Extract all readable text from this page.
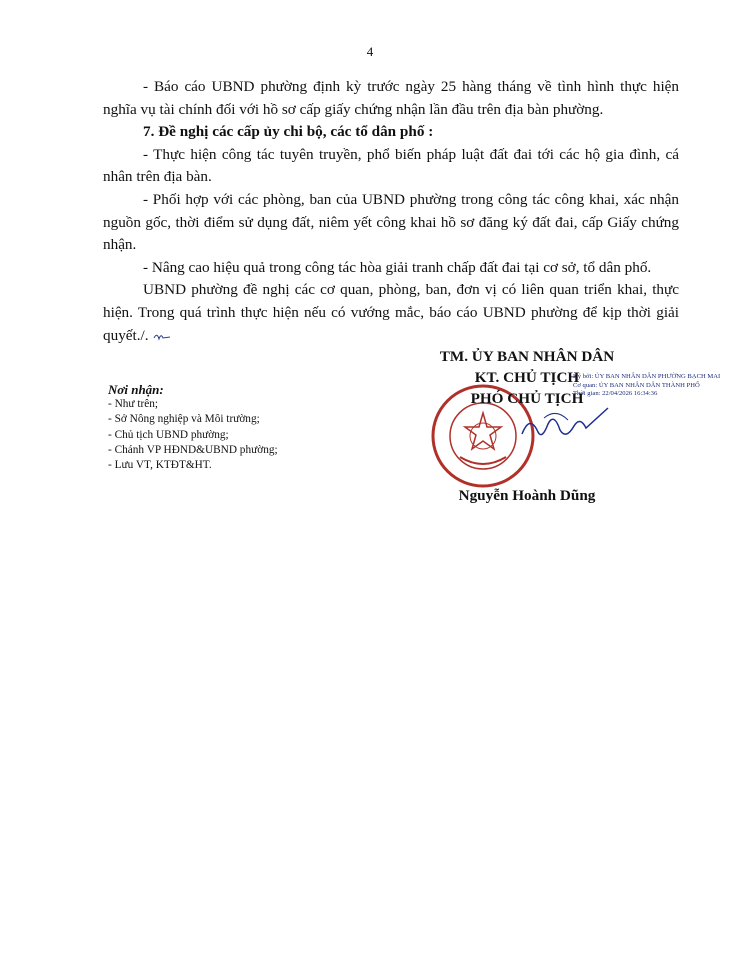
4

- Báo cáo UBND phường định kỳ trước ngày 25 hàng tháng về tình hình thực hiện nghĩa vụ tài chính đối với hồ sơ cấp giấy chứng nhận lần đầu trên địa bàn phường.

7. Đề nghị các cấp ủy chi bộ, các tổ dân phố :

- Thực hiện công tác tuyên truyền, phổ biến pháp luật đất đai tới các hộ gia đình, cá nhân trên địa bàn.

- Phối hợp với các phòng, ban của UBND phường trong công tác công khai, xác nhận nguồn gốc, thời điểm sử dụng đất, niêm yết công khai hồ sơ đăng ký đất đai, cấp Giấy chứng nhận.

- Nâng cao hiệu quả trong công tác hòa giải tranh chấp đất đai tại cơ sở, tổ dân phố.

UBND phường đề nghị các cơ quan, phòng, ban, đơn vị có liên quan triển khai, thực hiện. Trong quá trình thực hiện nếu có vướng mắc, báo cáo UBND phường để kịp thời giải quyết./.

Nơi nhận:
- Như trên;
- Sở Nông nghiệp và Môi trường;
- Chủ tịch UBND phường;
- Chánh VP HĐND&UBND phường;
- Lưu VT, KTĐT&HT.
Ký bởi: ỦY BAN NHÂN DÂN PHƯỜNG BẠCH MAI
Cơ quan: ỦY BAN NHÂN DÂN THÀNH PHỐ
Thời gian: 22/04/2026 16:34:36
TM. ỦY BAN NHÂN DÂN
KT. CHỦ TỊCH
PHÓ CHỦ TỊCH
Nguyễn Hoành Dũng
